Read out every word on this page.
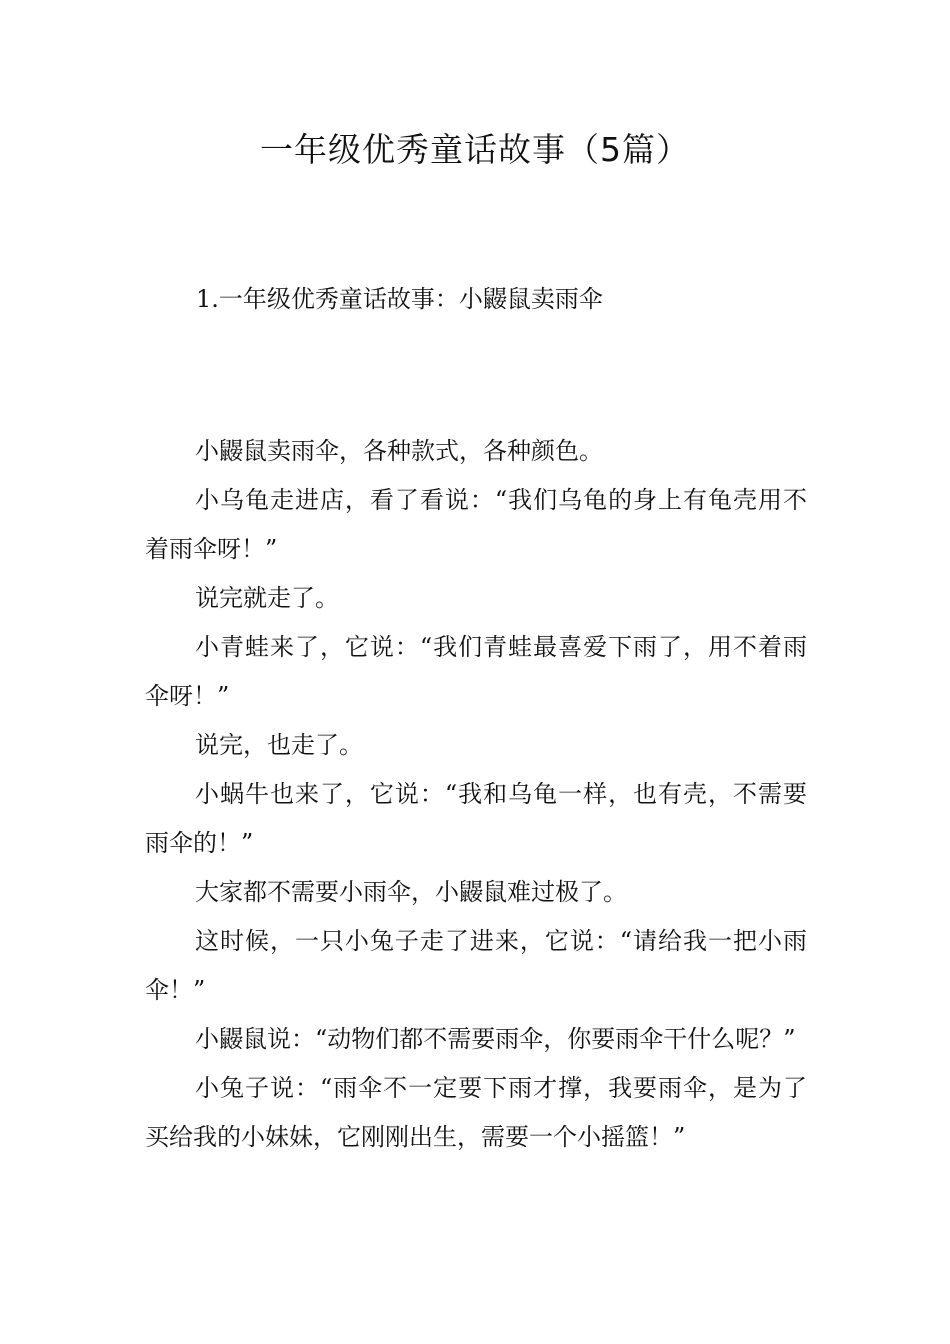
一年级优秀童话故事（5篇）
1.一年级优秀童话故事：小鼹鼠卖雨伞

小鼹鼠卖雨伞，各种款式，各种颜色。

小乌龟走进店，看了看说：“我们乌龟的身上有龟壳用不着雨伞呀！”

说完就走了。

小青蛙来了，它说：“我们青蛙最喜爱下雨了，用不着雨伞呀！”

说完，也走了。

小蜗牛也来了，它说：“我和乌龟一样，也有壳，不需要雨伞的！”

大家都不需要小雨伞，小鼹鼠难过极了。

这时候，一只小兔子走了进来，它说：“请给我一把小雨伞！”

小鼹鼠说：“动物们都不需要雨伞，你要雨伞干什么呢？”

小兔子说：“雨伞不一定要下雨才撑，我要雨伞，是为了买给我的小妹妹，它刚刚出生，需要一个小摇篮！”
